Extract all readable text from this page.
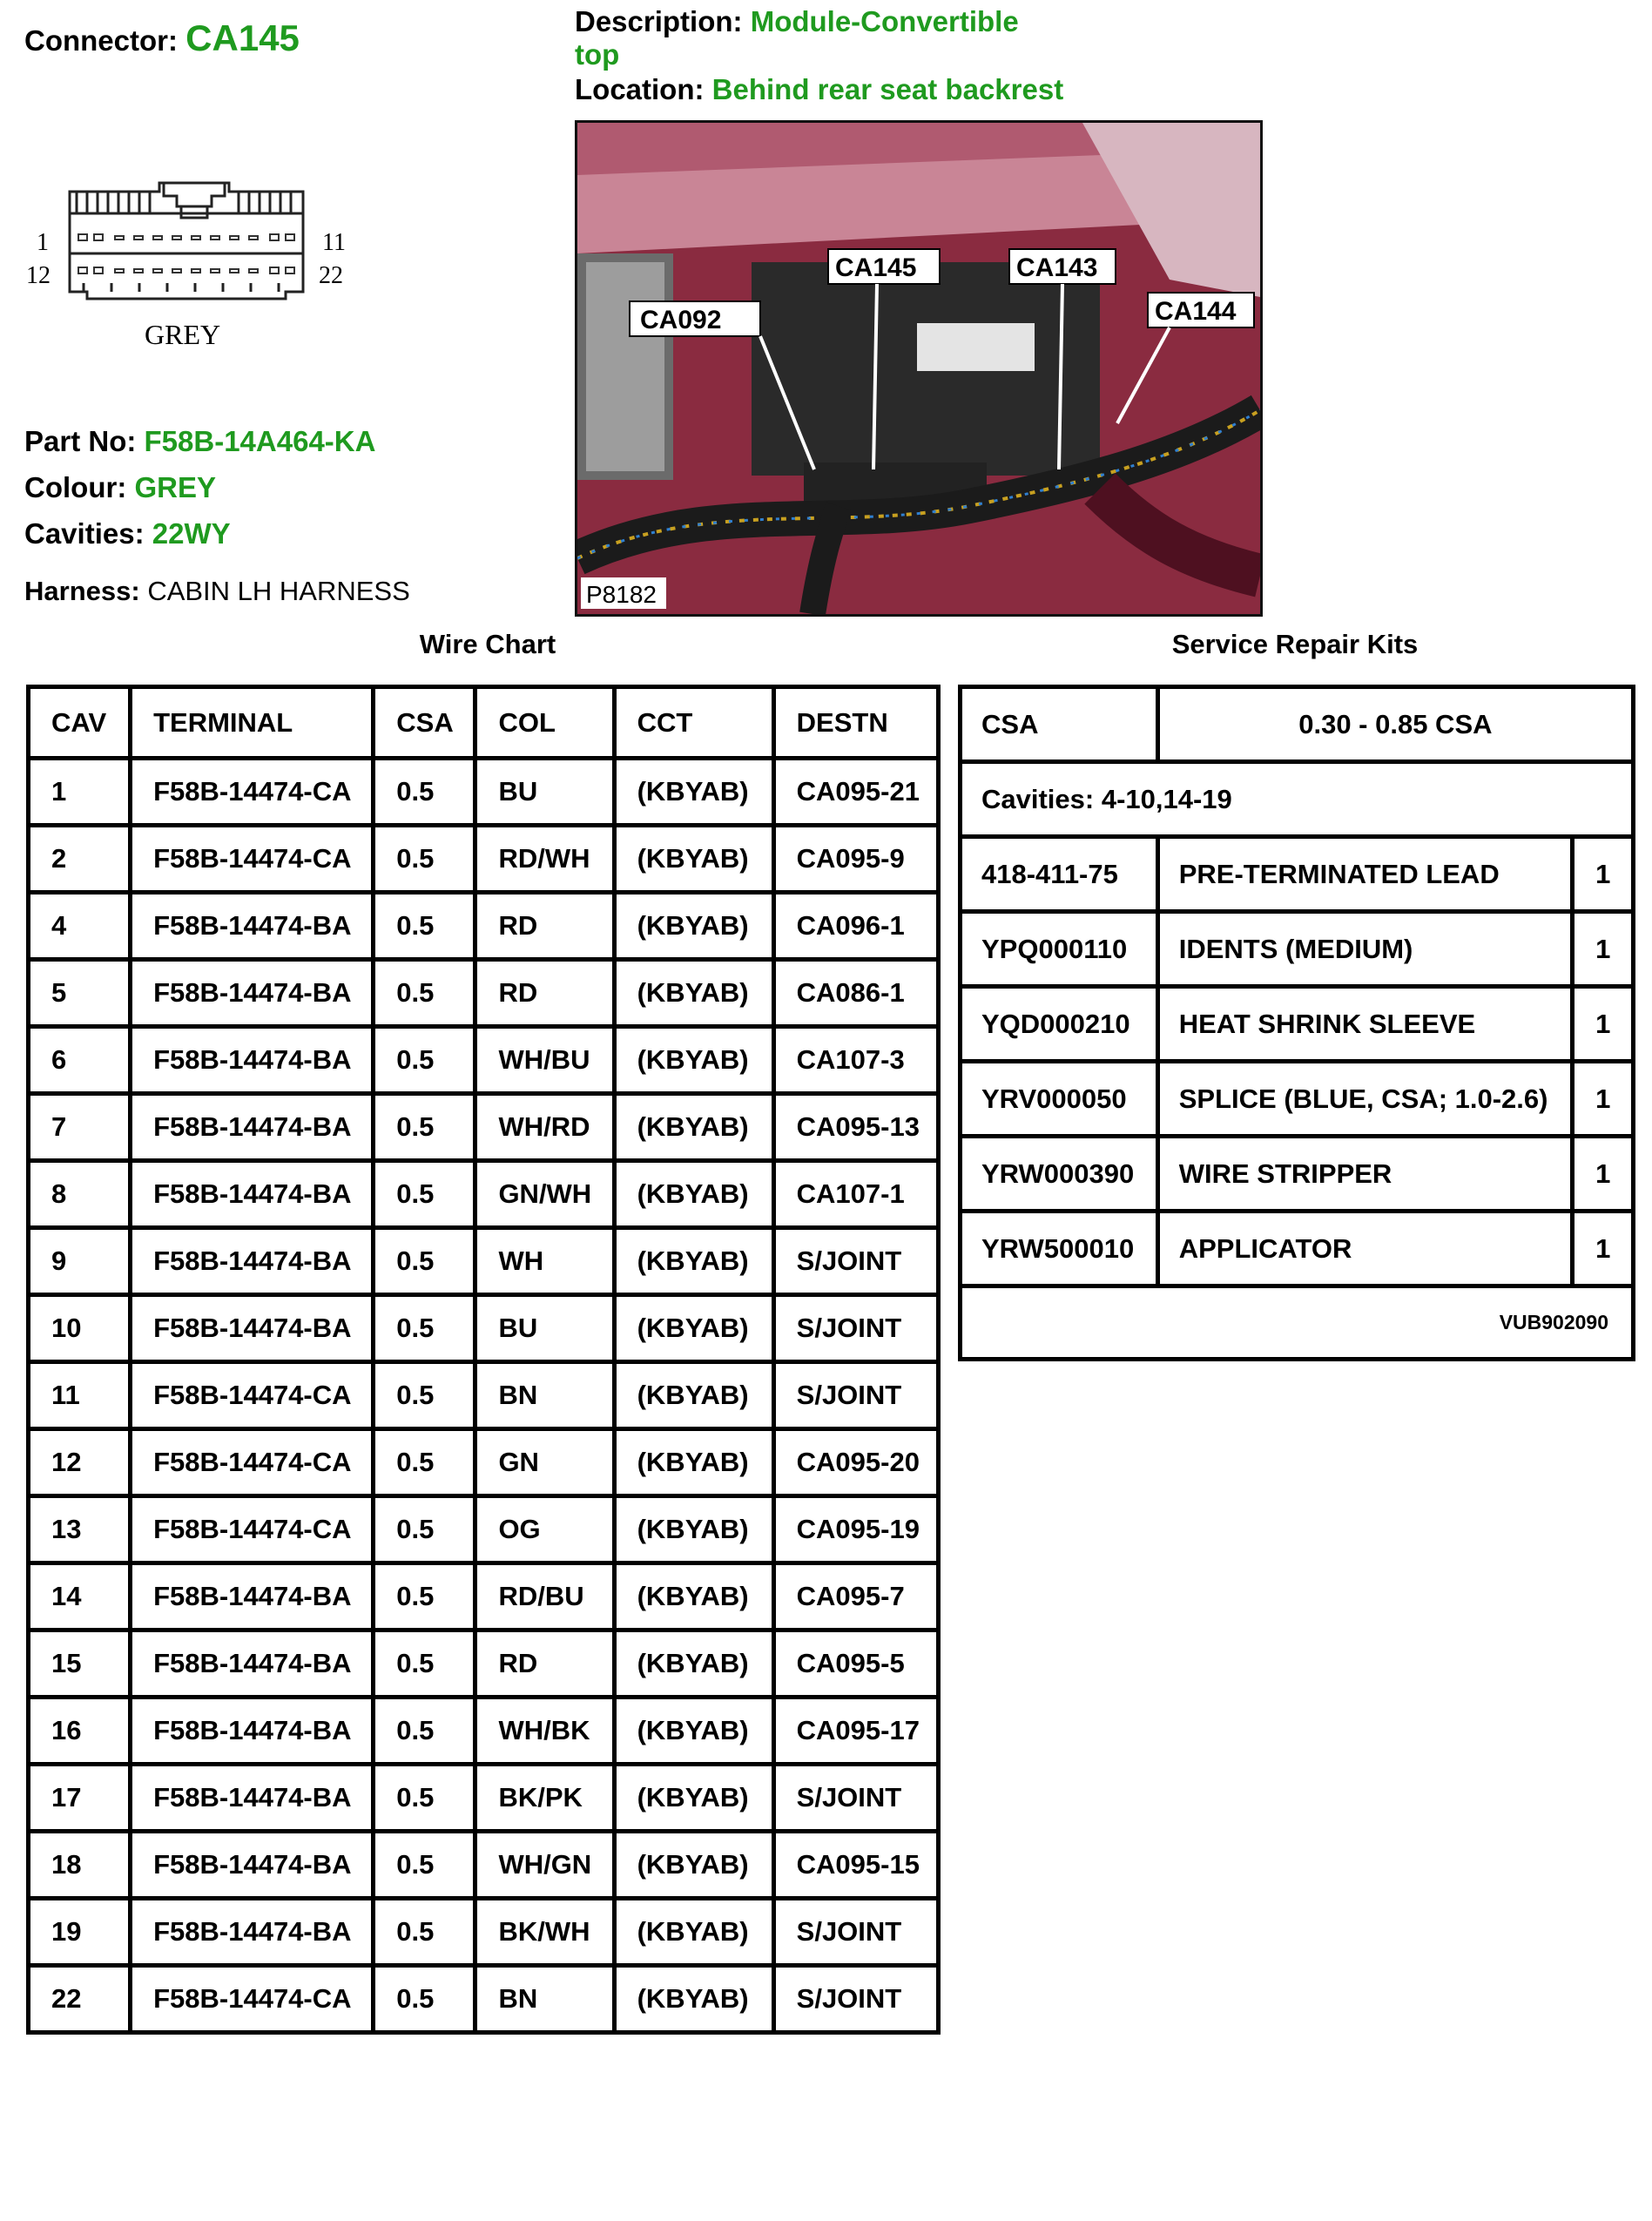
Connector: CA145
1
12
11
22
GREY
Part No: F58B-14A464-KA
Colour: GREY
Cavities: 22WY
Harness: CABIN LH HARNESS
Description: Module-Convertible top
Location: Behind rear seat backrest
CA092
CA145	CA143
CA144
P8182
Wire Chart	Service Repair Kits
CAV	TERMINAL	CSA	COL	CCT	DESTN
1	F58B-14474-CA	0.5	BU	(KBYAB)	CA095-21
2	F58B-14474-CA	0.5	RD/WH	(KBYAB)	CA095-9
4	F58B-14474-BA	0.5	RD	(KBYAB)	CA096-1
5	F58B-14474-BA	0.5	RD	(KBYAB)	CA086-1
6	F58B-14474-BA	0.5	WH/BU	(KBYAB)	CA107-3
7	F58B-14474-BA	0.5	WH/RD	(KBYAB)	CA095-13
8	F58B-14474-BA	0.5	GN/WH	(KBYAB)	CA107-1
9	F58B-14474-BA	0.5	WH	(KBYAB)	S/JOINT
10	F58B-14474-BA	0.5	BU	(KBYAB)	S/JOINT
11	F58B-14474-CA	0.5	BN	(KBYAB)	S/JOINT
12	F58B-14474-CA	0.5	GN	(KBYAB)	CA095-20
13	F58B-14474-CA	0.5	OG	(KBYAB)	CA095-19
14	F58B-14474-BA	0.5	RD/BU	(KBYAB)	CA095-7
15	F58B-14474-BA	0.5	RD	(KBYAB)	CA095-5
16	F58B-14474-BA	0.5	WH/BK	(KBYAB)	CA095-17
17	F58B-14474-BA	0.5	BK/PK	(KBYAB)	S/JOINT
18	F58B-14474-BA	0.5	WH/GN	(KBYAB)	CA095-15
19	F58B-14474-BA	0.5	BK/WH	(KBYAB)	S/JOINT
22	F58B-14474-CA	0.5	BN	(KBYAB)	S/JOINT
CSA	0.30 - 0.85 CSA	
Cavities: 4-10,14-19		
418-411-75	PRE-TERMINATED LEAD	1
YPQ000110	IDENTS (MEDIUM)	1
YQD000210	HEAT SHRINK SLEEVE	1
YRV000050	SPLICE (BLUE, CSA; 1.0-2.6)	1
YRW000390	WIRE STRIPPER	1
YRW500010	APPLICATOR	1
VUB902090		
